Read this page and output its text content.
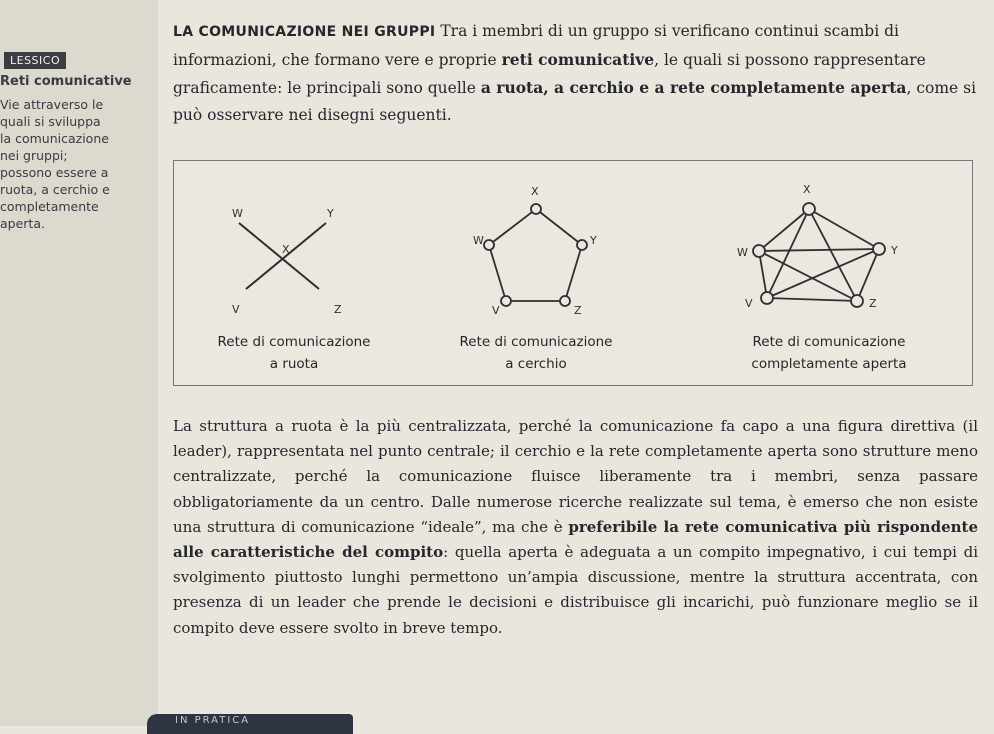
LESSICO
Reti comunicative
Vie attraverso le
quali si sviluppa
la comunicazione
nei gruppi;
possono essere a
ruota, a cerchio e
completamente
aperta.
LA COMUNICAZIONE NEI GRUPPI Tra i membri di un gruppo si verificano continui scambi di informazioni, che formano vere e proprie reti comunicative, le quali si possono rappresentare graficamente: le principali sono quelle a ruota, a cerchio e a rete completamente aperta, come si può osservare nei disegni seguenti.
W	Y
X
V	Z
X
Y
W
V	Z
X
W	Y
V	Z
Rete di comunicazione
a ruota
Rete di comunicazione
a cerchio
Rete di comunicazione
completamente aperta
La struttura a ruota è la più centralizzata, perché la comunicazione fa capo a una figura direttiva (il leader), rappresentata nel punto centrale; il cerchio e la rete completamente aperta sono strutture meno centralizzate, perché la comunicazione fluisce liberamente tra i membri, senza passare obbligatoriamente da un centro. Dalle numerose ricerche realizzate sul tema, è emerso che non esiste una struttura di comunicazione “ideale”, ma che è preferibile la rete comunicativa più rispondente alle caratteristiche del compito: quella aperta è adeguata a un compito impegnativo, i cui tempi di svolgimento piuttosto lunghi permettono un’ampia discussione, mentre la struttura accentrata, con presenza di un leader che prende le decisioni e distribuisce gli incarichi, può funzionare meglio se il compito deve essere svolto in breve tempo.
IN PRATICA
